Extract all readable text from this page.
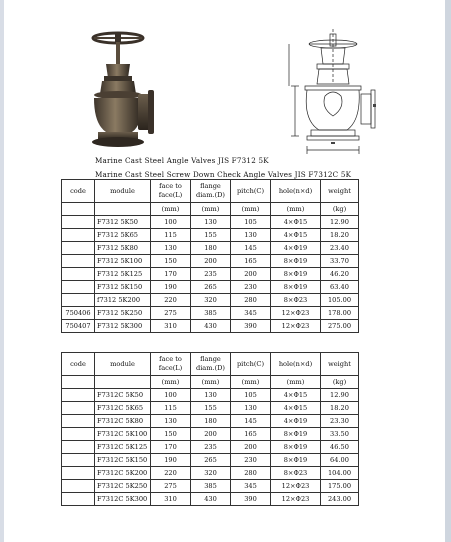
Marine Cast Steel Angle Valves JIS F7312 5K
Marine Cast Steel Screw Down Check Angle Valves JIS F7312C 5K
code	module	face to face(L)	flange diam.(D)	pitch(C)	hole(n×d)	weight
		(mm)	(mm)	(mm)	(mm)	(kg)
	F7312 5K50	100	130	105	4×Φ15	12.90
	F7312 5K65	115	155	130	4×Φ15	18.20
	F7312 5K80	130	180	145	4×Φ19	23.40
	F7312 5K100	150	200	165	8×Φ19	33.70
	F7312 5K125	170	235	200	8×Φ19	46.20
	F7312 5K150	190	265	230	8×Φ19	63.40
	f7312 5K200	220	320	280	8×Φ23	105.00
750406	F7312 5K250	275	385	345	12×Φ23	178.00
750407	F7312 5K300	310	430	390	12×Φ23	275.00
code	module	face to face(L)	flange diam.(D)	pitch(C)	hole(n×d)	weight
		(mm)	(mm)	(mm)	(mm)	(kg)
	F7312C 5K50	100	130	105	4×Φ15	12.90
	F7312C 5K65	115	155	130	4×Φ15	18.20
	F7312C 5K80	130	180	145	4×Φ19	23.30
	F7312C 5K100	150	200	165	8×Φ19	33.50
	F7312C 5K125	170	235	200	8×Φ19	46.50
	F7312C 5K150	190	265	230	8×Φ19	64.00
	F7312C 5K200	220	320	280	8×Φ23	104.00
	F7312C 5K250	275	385	345	12×Φ23	175.00
	F7312C 5K300	310	430	390	12×Φ23	243.00
